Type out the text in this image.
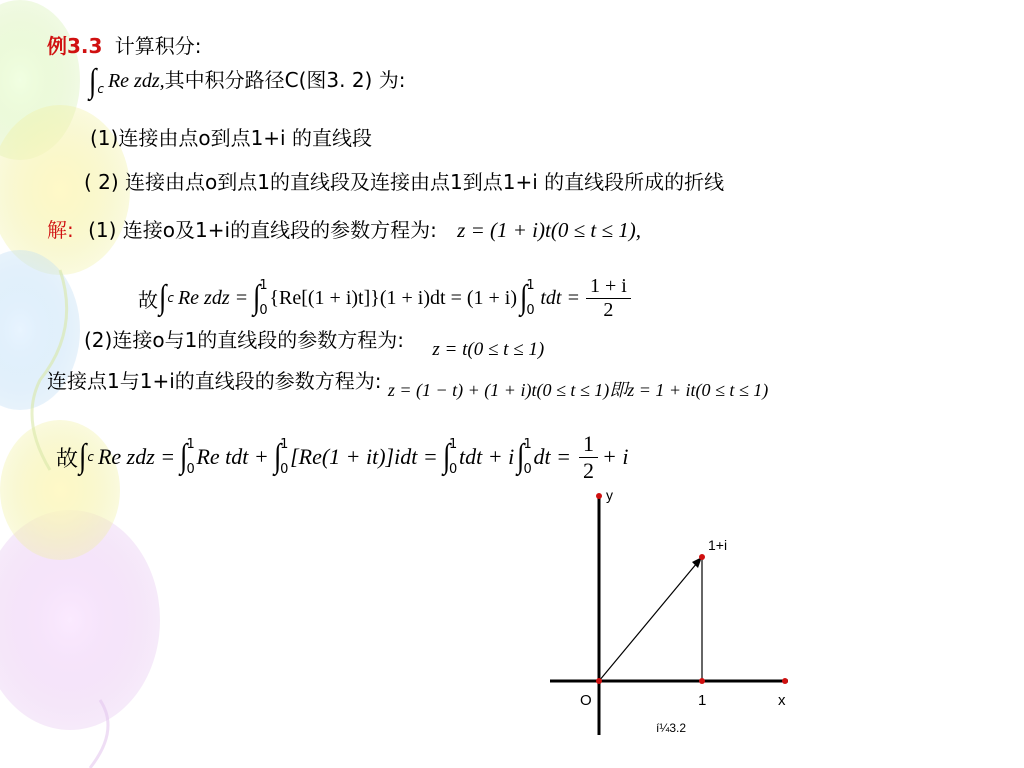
例3.3 计算积分:
$\int_c$ Re zdz,其中积分路径C(图3. 2) 为:
(1)连接由点o到点1+i 的直线段
( 2) 连接由点o到点1的直线段及连接由点1到点1+i 的直线段所成的折线
解: (1) 连接o及1+i的直线段的参数方程为: z = (1 + i)t(0 ≤ t ≤ 1),
故 ∫ c Re zdz = ∫
1
0
{Re[(1 + i)t]}(1 + i)dt = (1 + i) ∫
1
0
tdt = $\frac{1 + i}{2}$
(2)连接o与1的直线段的参数方程为: z = t(0 ≤ t ≤ 1)
连接点1与1+i的直线段的参数方程为: z = (1 − t) + (1 + i)t(0 ≤ t ≤ 1)即z = 1 + it(0 ≤ t ≤ 1)
故 ∫ c Re zdz = ∫
1
0
Re tdt + ∫
1
0
[Re(1 + it)]idt = ∫
1
0
tdt + i ∫
1
0
dt = $\frac{1}{2} + i$
y
1+i
O	1	x
í¼3.2
